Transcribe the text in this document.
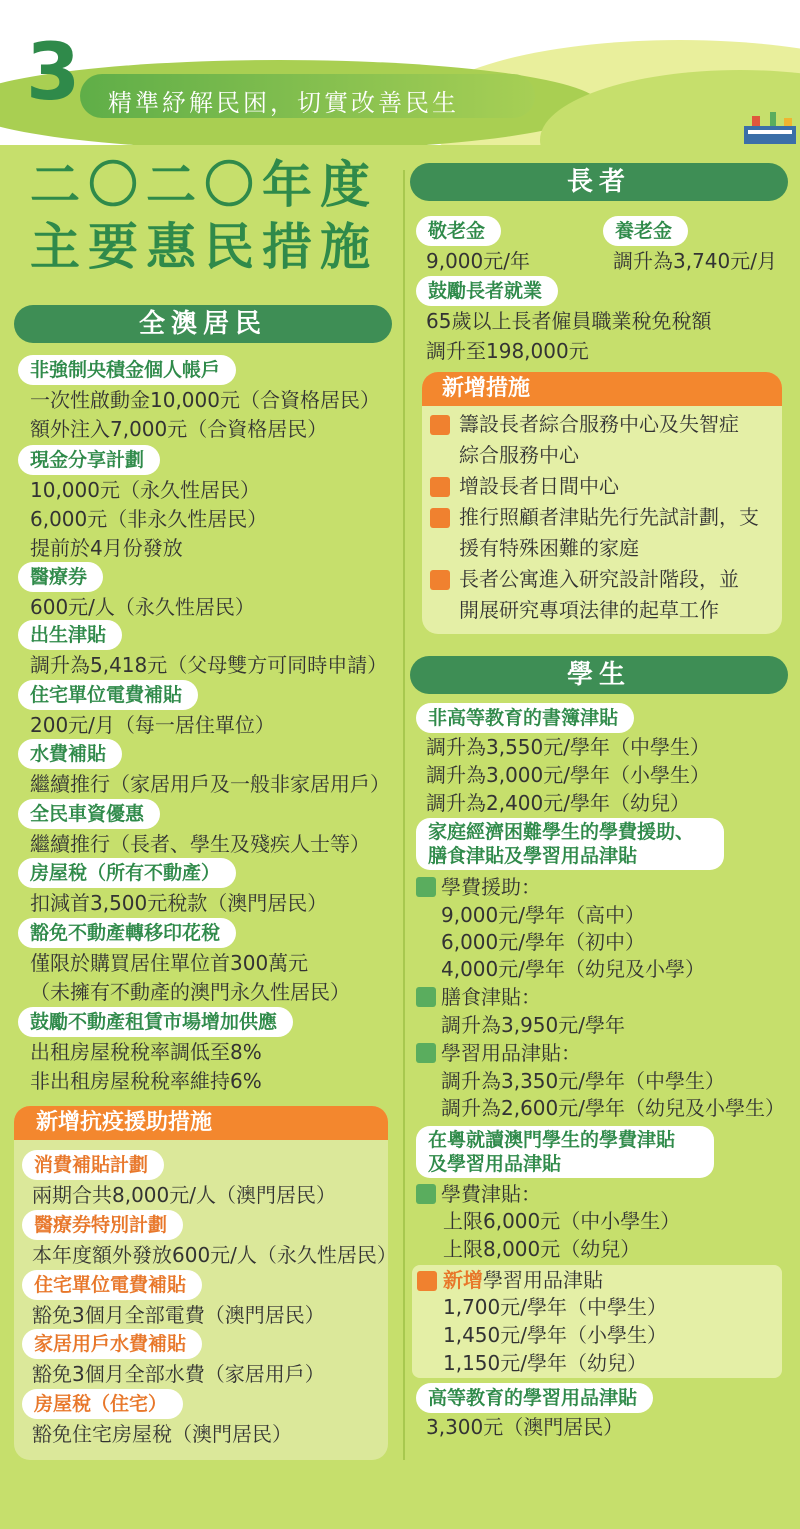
3 精準紓解民困，切實改善民生
二〇二〇年度
主要惠民措施
全澳居民
非強制央積金個人帳戶
一次性啟動金10,000元（合資格居民）
額外注入7,000元（合資格居民）
現金分享計劃
10,000元（永久性居民）
6,000元（非永久性居民）
提前於4月份發放
醫療券
600元/人（永久性居民）
出生津貼
調升為5,418元（父母雙方可同時申請）
住宅單位電費補貼
200元/月（每一居住單位）
水費補貼
繼續推行（家居用戶及一般非家居用戶）
全民車資優惠
繼續推行（長者、學生及殘疾人士等）
房屋稅（所有不動產）
扣減首3,500元稅款（澳門居民）
豁免不動產轉移印花稅
僅限於購買居住單位首300萬元
（未擁有不動產的澳門永久性居民）
鼓勵不動產租賃市場增加供應
出租房屋稅稅率調低至8%
非出租房屋稅稅率維持6%
新增抗疫援助措施
消費補貼計劃
兩期合共8,000元/人（澳門居民）
醫療券特別計劃
本年度額外發放600元/人（永久性居民）
住宅單位電費補貼
豁免3個月全部電費（澳門居民）
家居用戶水費補貼
豁免3個月全部水費（家居用戶）
房屋稅（住宅）
豁免住宅房屋稅（澳門居民）
長者
敬老金
9,000元/年
養老金
調升為3,740元/月
鼓勵長者就業
65歲以上長者僱員職業稅免稅額
調升至198,000元
新增措施
籌設長者綜合服務中心及失智症
綜合服務中心
增設長者日間中心
推行照顧者津貼先行先試計劃，支
援有特殊困難的家庭
長者公寓進入研究設計階段，並
開展研究專項法律的起草工作
學生
非高等教育的書簿津貼
調升為3,550元/學年（中學生）
調升為3,000元/學年（小學生）
調升為2,400元/學年（幼兒）
家庭經濟困難學生的學費援助、
膳食津貼及學習用品津貼
學費援助：
9,000元/學年（高中）
6,000元/學年（初中）
4,000元/學年（幼兒及小學）
膳食津貼：
調升為3,950元/學年
學習用品津貼：
調升為3,350元/學年（中學生）
調升為2,600元/學年（幼兒及小學生）
在粵就讀澳門學生的學費津貼
及學習用品津貼
學費津貼：
上限6,000元（中小學生）
上限8,000元（幼兒）
新增學習用品津貼
1,700元/學年（中學生）
1,450元/學年（小學生）
1,150元/學年（幼兒）
高等教育的學習用品津貼
3,300元（澳門居民）
